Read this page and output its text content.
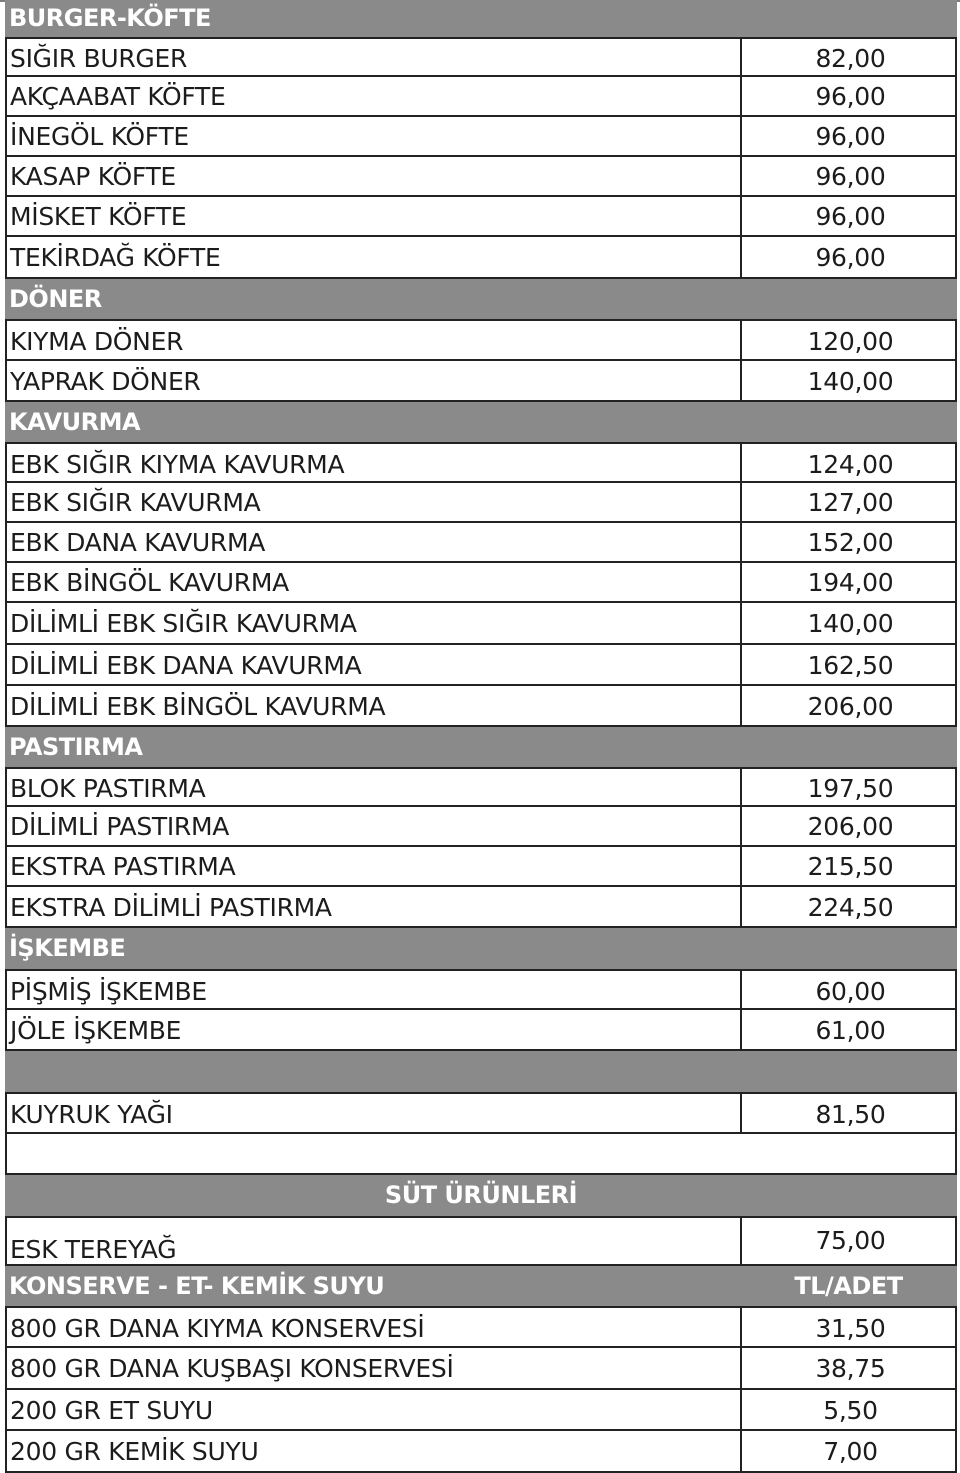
BURGER-KÖFTE
SIĞIR BURGER	82,00
AKÇAABAT KÖFTE	96,00
İNEGÖL KÖFTE	96,00
KASAP KÖFTE	96,00
MİSKET KÖFTE	96,00
TEKİRDAĞ KÖFTE	96,00
DÖNER
KIYMA DÖNER	120,00
YAPRAK DÖNER	140,00
KAVURMA
EBK SIĞIR KIYMA KAVURMA	124,00
EBK SIĞIR KAVURMA	127,00
EBK DANA KAVURMA	152,00
EBK BİNGÖL KAVURMA	194,00
DİLİMLİ EBK SIĞIR KAVURMA	140,00
DİLİMLİ EBK DANA KAVURMA	162,50
DİLİMLİ EBK BİNGÖL KAVURMA	206,00
PASTIRMA
BLOK PASTIRMA	197,50
DİLİMLİ PASTIRMA	206,00
EKSTRA PASTIRMA	215,50
EKSTRA DİLİMLİ PASTIRMA	224,50
İŞKEMBE
PİŞMİŞ İŞKEMBE	60,00
JÖLE İŞKEMBE	61,00
KUYRUK YAĞI	81,50
SÜT ÜRÜNLERİ
ESK TEREYAĞ	75,00
KONSERVE - ET- KEMİK SUYU	TL/ADET
800 GR DANA KIYMA KONSERVESİ	31,50
800 GR DANA KUŞBAŞI KONSERVESİ	38,75
200 GR ET SUYU	5,50
200 GR KEMİK SUYU	7,00
